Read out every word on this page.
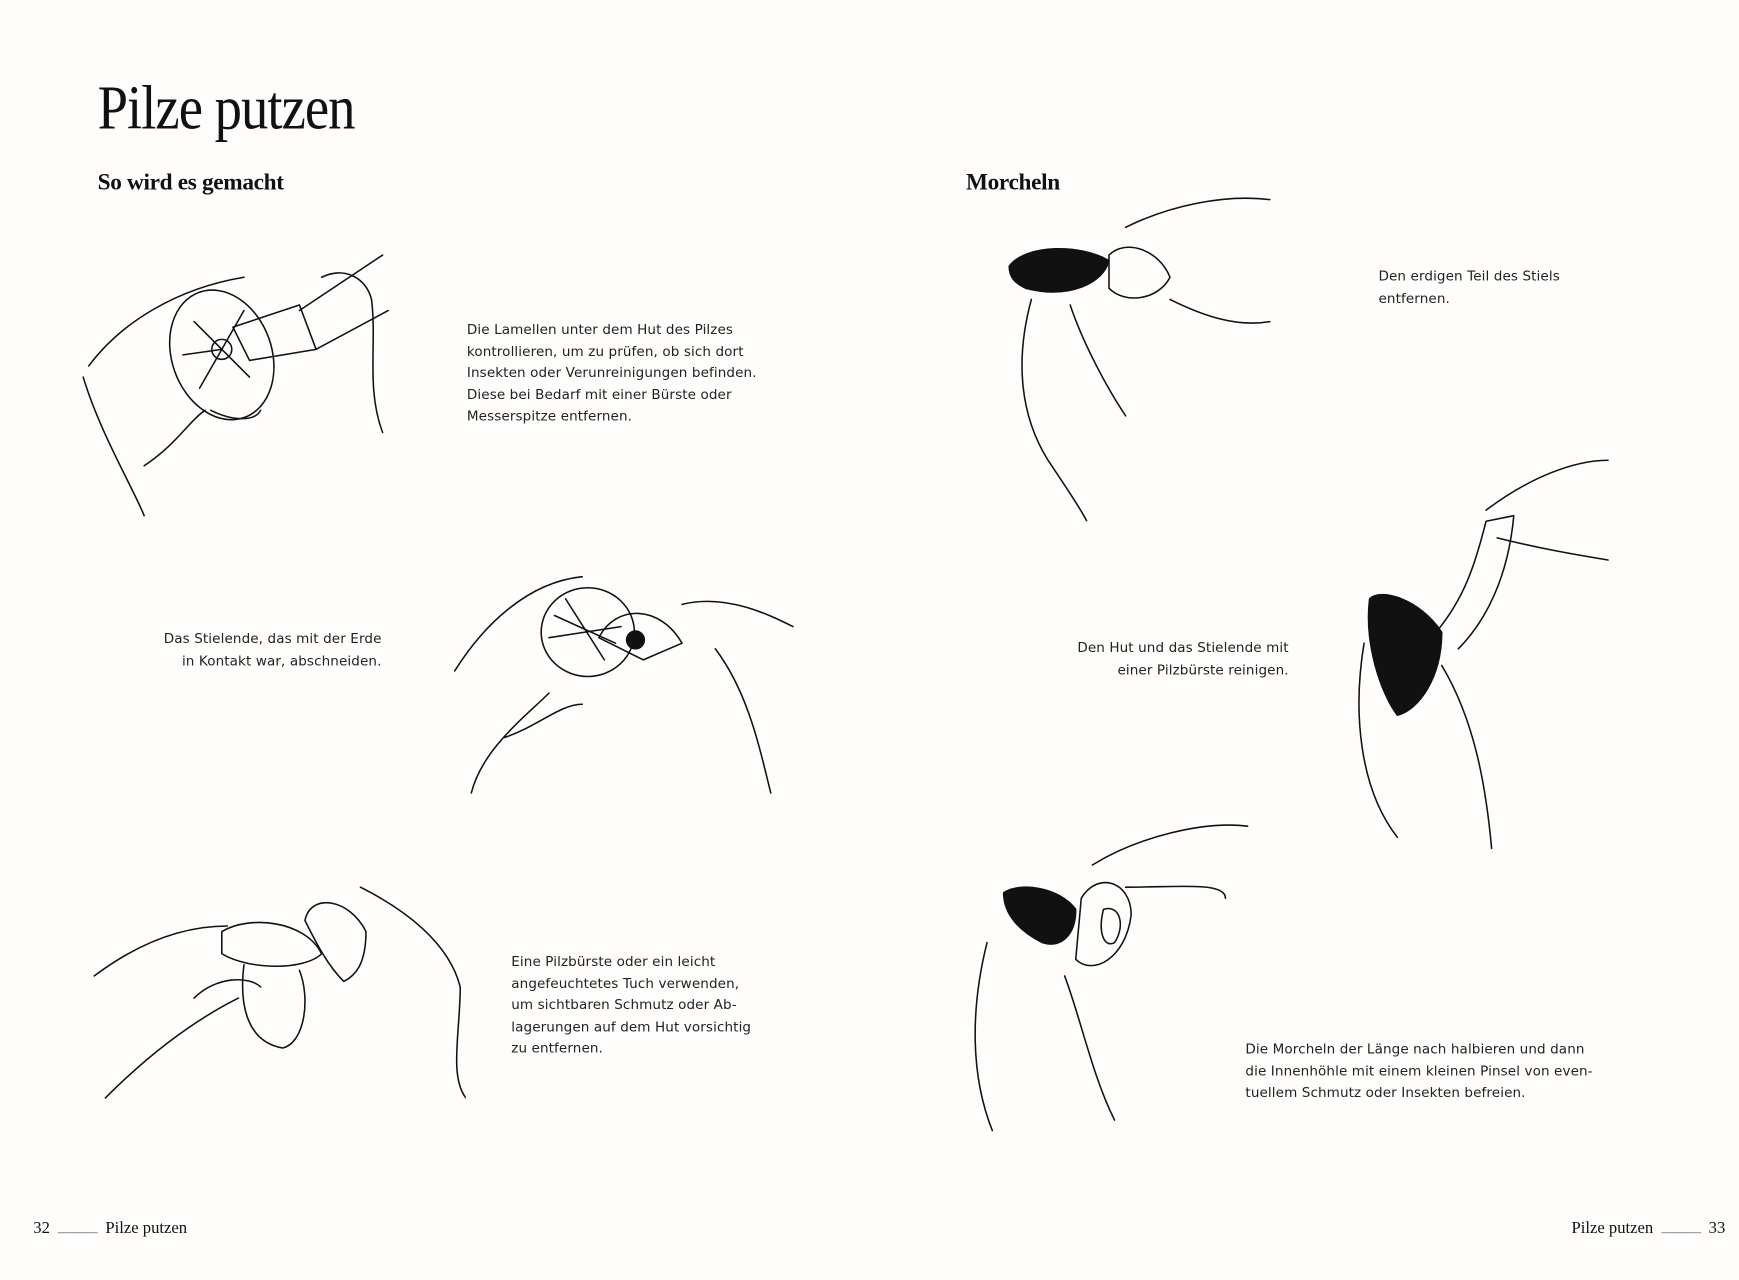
Pilze putzen
So wird es gemacht
Die Lamellen unter dem Hut des Pilzes
kontrollieren, um zu prüfen, ob sich dort
Insekten oder Verunreinigungen befinden.
Diese bei Bedarf mit einer Bürste oder
Messerspitze entfernen.
Das Stielende, das mit der Erde
in Kontakt war, abschneiden.
Eine Pilzbürste oder ein leicht
angefeuchtetes Tuch verwenden,
um sichtbaren Schmutz oder Ab-
lagerungen auf dem Hut vorsichtig
zu entfernen.
32	Pilze putzen
Morcheln
Den erdigen Teil des Stiels
entfernen.
Den Hut und das Stielende mit
einer Pilzbürste reinigen.
Die Morcheln der Länge nach halbieren und dann
die Innenhöhle mit einem kleinen Pinsel von even-
tuellem Schmutz oder Insekten befreien.
Pilze putzen	33
